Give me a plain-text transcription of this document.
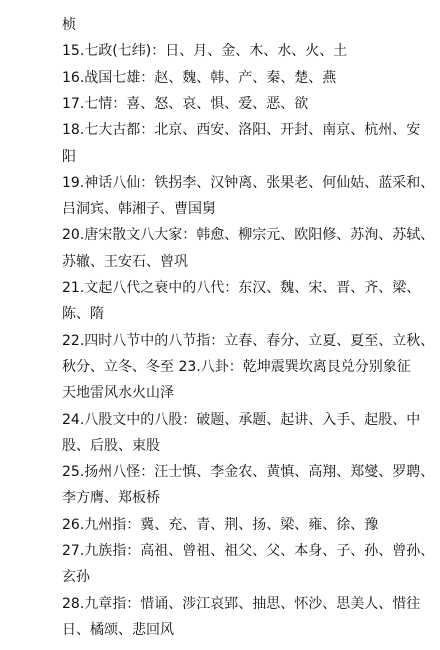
桢
15.七政(七纬)：日、月、金、木、水、火、土
16.战国七雄：赵、魏、韩、产、秦、楚、燕
17.七情：喜、怒、哀、惧、爱、恶、欲
18.七大古都：北京、西安、洛阳、开封、南京、杭州、安
阳
19.神话八仙：铁拐李、汉钟离、张果老、何仙姑、蓝采和、
吕洞宾、韩湘子、曹国舅
20.唐宋散文八大家：韩愈、柳宗元、欧阳修、苏洵、苏轼、
苏辙、王安石、曾巩
21.文起八代之衰中的八代：东汉、魏、宋、晋、齐、梁、
陈、隋
22.四时八节中的八节指：立春、春分、立夏、夏至、立秋、
秋分、立冬、冬至 23.八卦：乾坤震巽坎离艮兑分别象征
天地雷风水火山泽
24.八股文中的八股：破题、承题、起讲、入手、起股、中
股、后股、束股
25.扬州八怪：汪士慎、李金农、黄慎、高翔、郑燮、罗聘、
李方膺、郑板桥
26.九州指：冀、充、青、荆、扬、梁、雍、徐、豫
27.九族指：高祖、曾祖、祖父、父、本身、子、孙、曾孙、
玄孙
28.九章指：惜诵、涉江哀郢、抽思、怀沙、思美人、惜往
日、橘颂、悲回风
